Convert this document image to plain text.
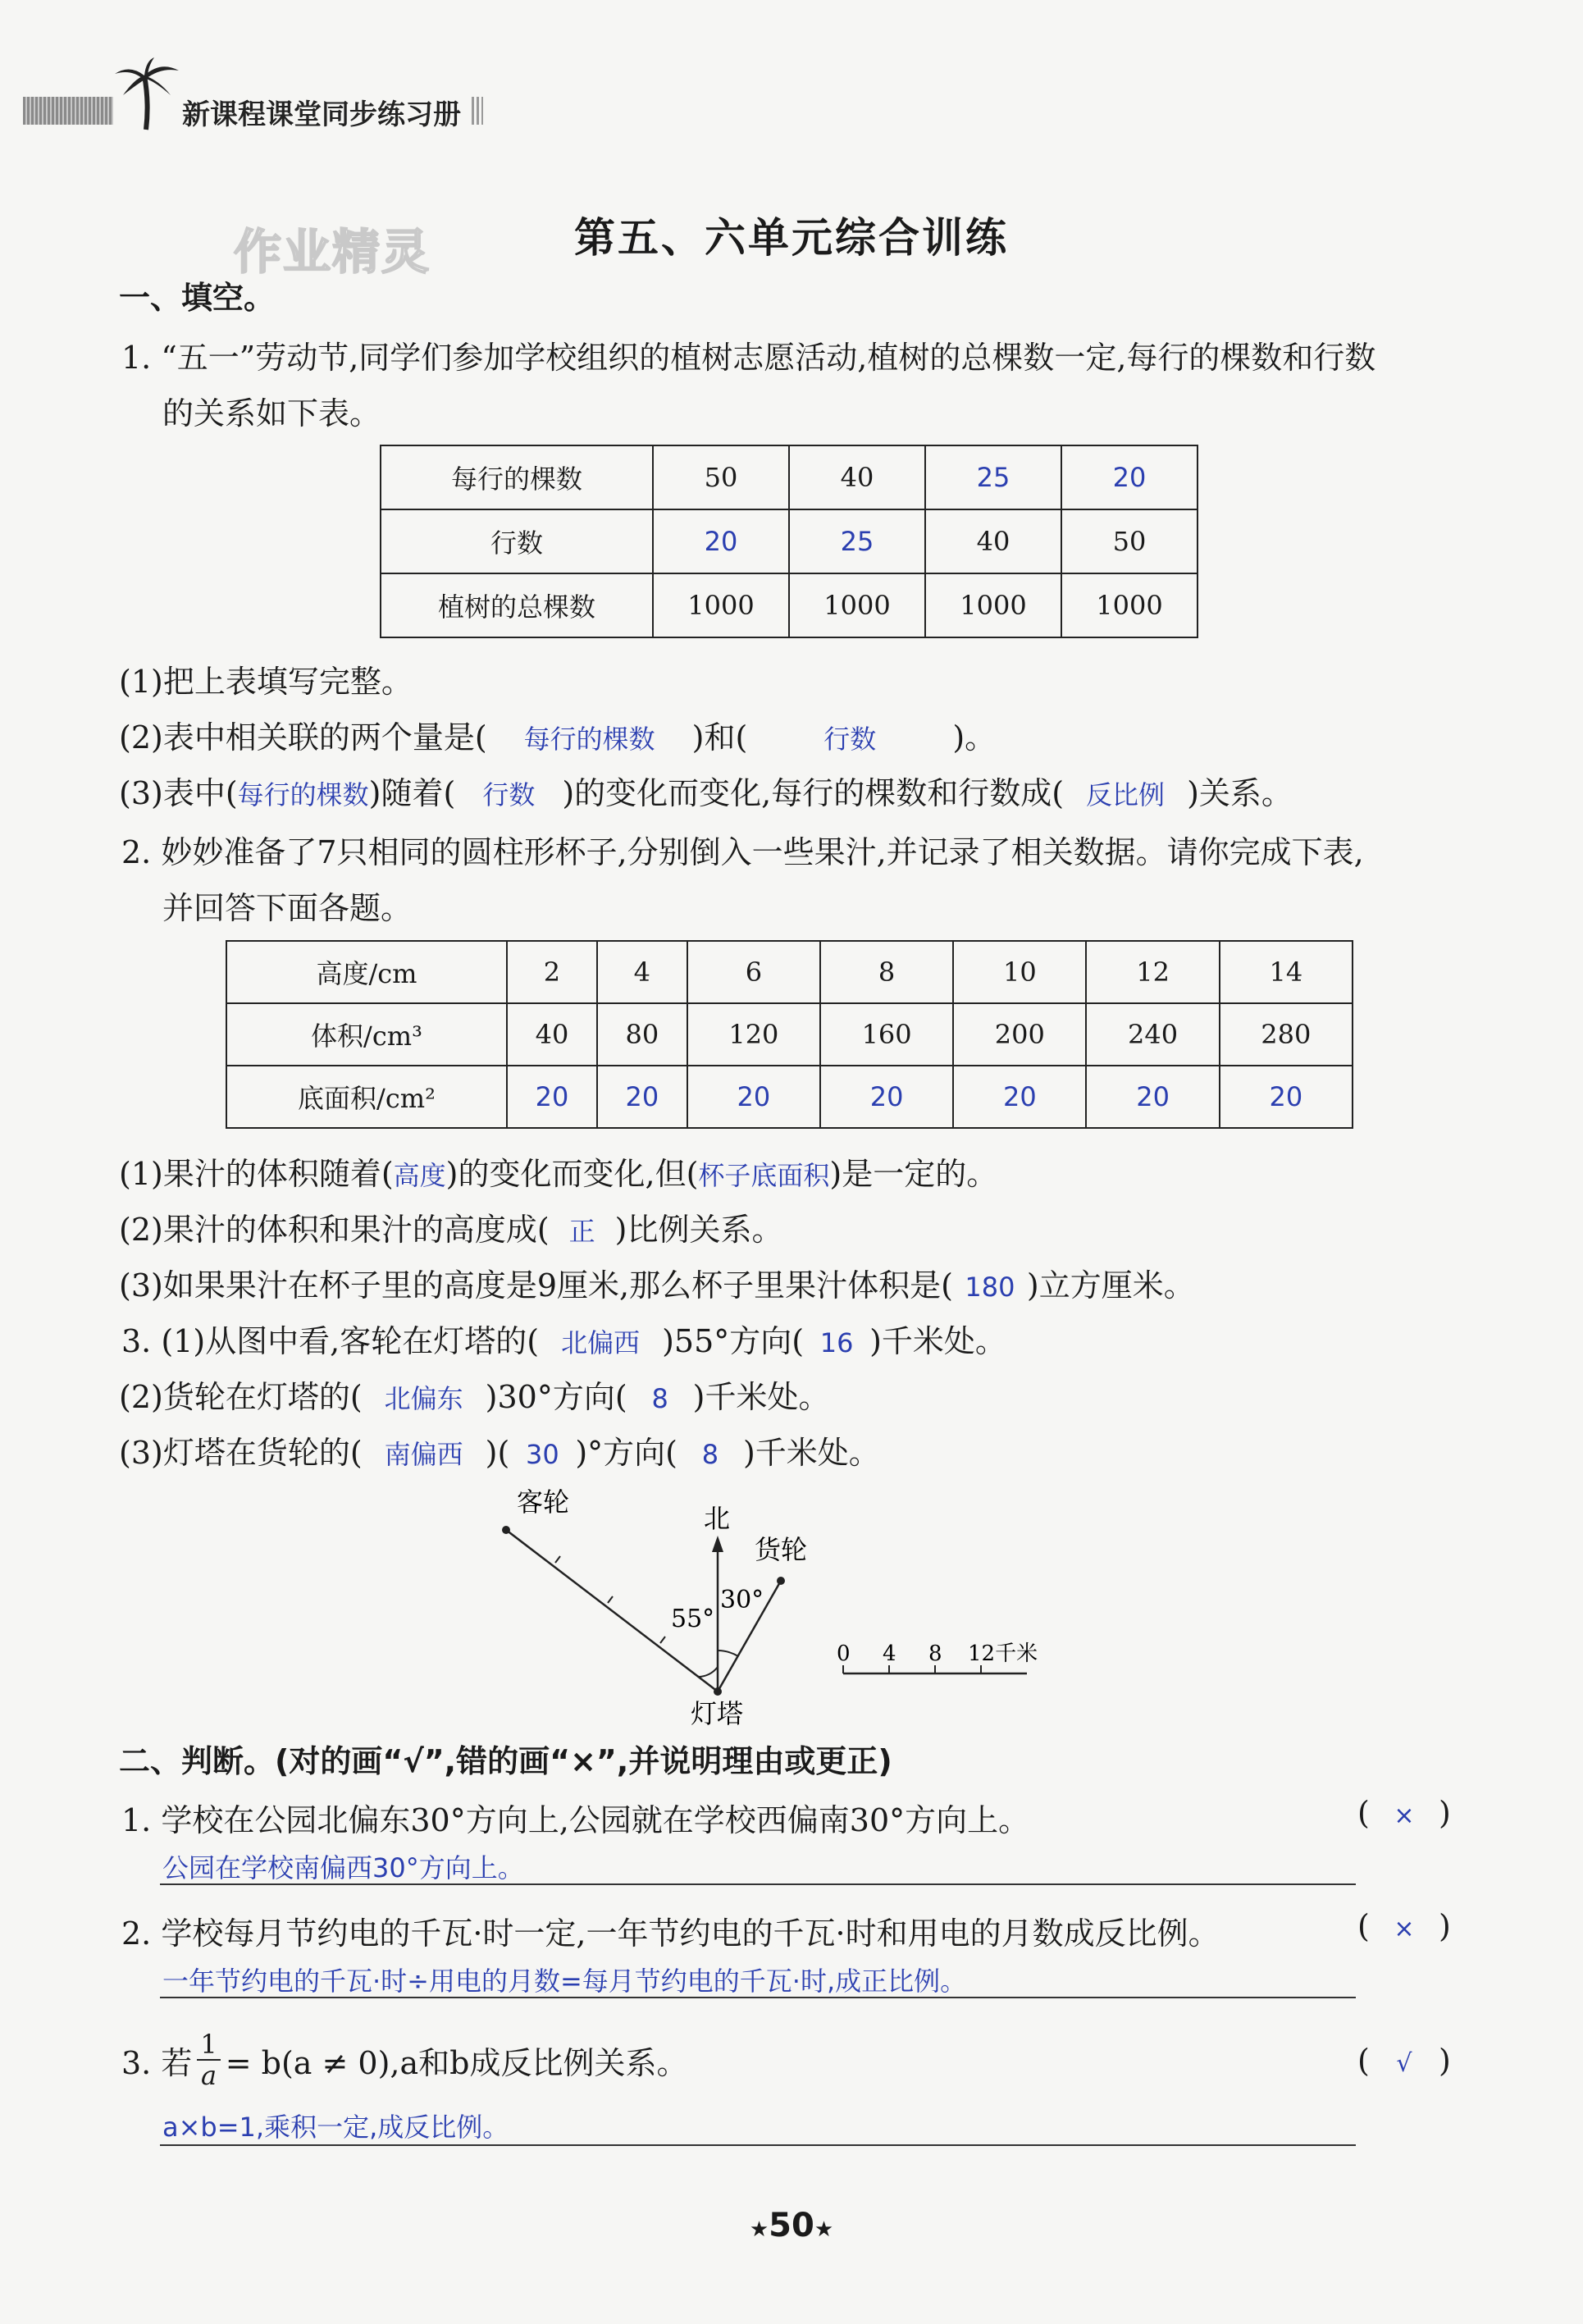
新课程课堂同步练习册
作业精灵	第五、六单元综合训练
一、填空。
1. “五一”劳动节,同学们参加学校组织的植树志愿活动,植树的总棵数一定,每行的棵数和行数
的关系如下表。
每行的棵数	50	40	25	20
行数	20	25	40	50
植树的总棵数	1000	1000	1000	1000
(1)把上表填写完整。
(2)表中相关联的两个量是( 每行的棵数 )和(	行数 )。
(3)表中(每行的棵数)随着( 行数 )的变化而变化,每行的棵数和行数成( 反比例 )关系。
2. 妙妙准备了7只相同的圆柱形杯子,分别倒入一些果汁,并记录了相关数据。请你完成下表,
并回答下面各题。
高度/cm	2	4	6	8	10	12	14
体积/cm³	40	80	120	160	200	240	280
底面积/cm²	20	20	20	20	20	20	20
(1)果汁的体积随着(高度)的变化而变化,但(杯子底面积)是一定的。
(2)果汁的体积和果汁的高度成( 正 )比例关系。
(3)如果果汁在杯子里的高度是9厘米,那么杯子里果汁体积是( 180 )立方厘米。
3. (1)从图中看,客轮在灯塔的( 北偏西 )55°方向( 16 )千米处。
(2)货轮在灯塔的( 北偏东 )30°方向( 8 )千米处。
(3)灯塔在货轮的( 南偏西 )( 30 )°方向( 8 )千米处。
客轮
北
货轮
55°
30°
灯塔
0 4 8 12千米
二、判断。(对的画“√”,错的画“×”,并说明理由或更正)
1. 学校在公园北偏东30°方向上,公园就在学校西偏南30°方向上。	( × )
公园在学校南偏西30°方向上。
2. 学校每月节约电的千瓦·时一定,一年节约电的千瓦·时和用电的月数成反比例。	( × )
一年节约电的千瓦·时÷用电的月数=每月节约电的千瓦·时,成正比例。
3. 若 $\frac{1}{a} = b(a \ne 0),a$和b成反比例关系。	( √ )
a×b=1,乘积一定,成反比例。
★50★
